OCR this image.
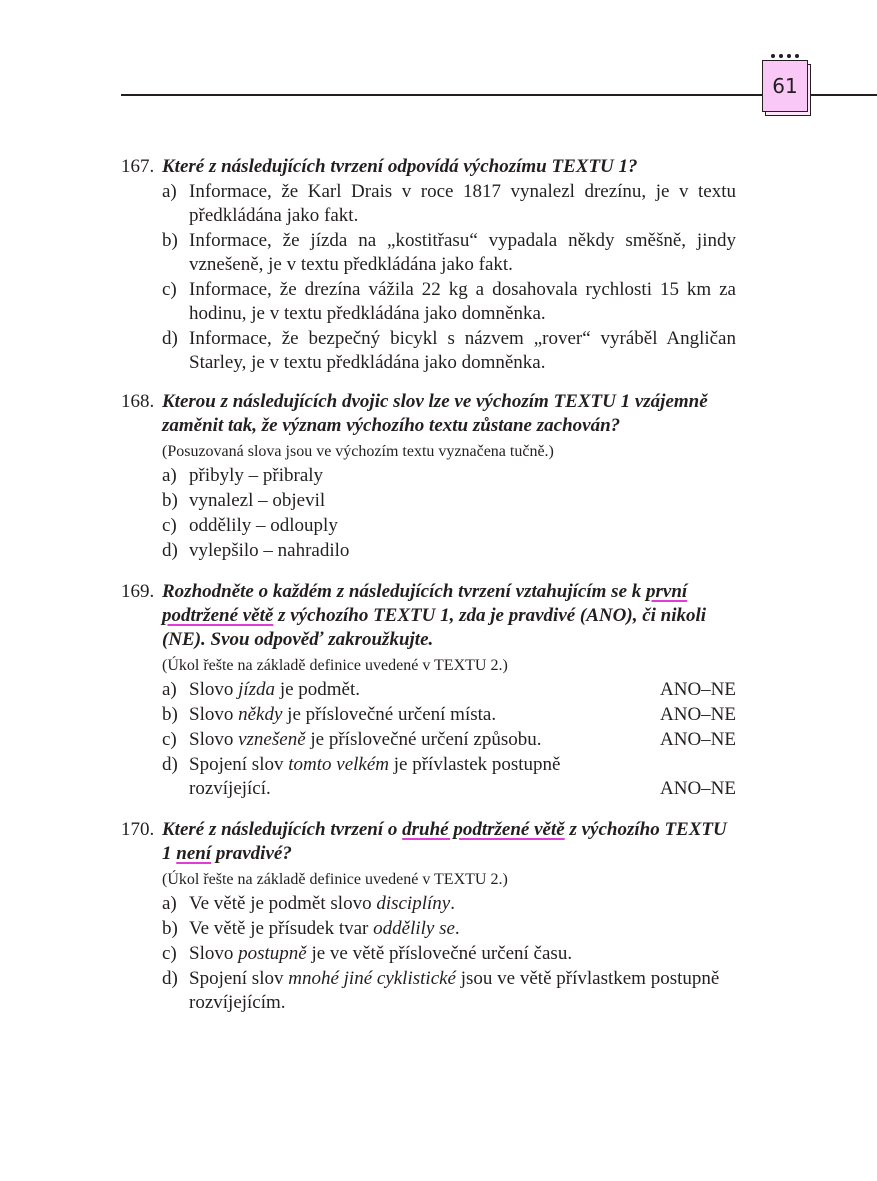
61
167. Které z následujících tvrzení odpovídá výchozímu TEXTU 1?
a) Informace, že Karl Drais v roce 1817 vynalezl drezínu, je v textu předkládána jako fakt.
b) Informace, že jízda na „kostitřasu“ vypadala někdy směšně, jindy vznešeně, je v textu předkládána jako fakt.
c) Informace, že drezína vážila 22 kg a dosahovala rychlosti 15 km za hodinu, je v textu předkládána jako domněnka.
d) Informace, že bezpečný bicykl s názvem „rover“ vyráběl Angličan Starley, je v textu předkládána jako domněnka.
168. Kterou z následujících dvojic slov lze ve výchozím TEXTU 1 vzájemně zaměnit tak, že význam výchozího textu zůstane zachován?
(Posuzovaná slova jsou ve výchozím textu vyznačena tučně.)
a) přibyly – přibraly
b) vynalezl – objevil
c) oddělily – odlouply
d) vylepšilo – nahradilo
169. Rozhodněte o každém z následujících tvrzení vztahujícím se k první podtržené větě z výchozího TEXTU 1, zda je pravdivé (ANO), či nikoli (NE). Svou odpověď zakroužkujte.
(Úkol řešte na základě definice uvedené v TEXTU 2.)
a) Slovo jízda je podmět.	ANO–NE
b) Slovo někdy je příslovečné určení místa.	ANO–NE
c) Slovo vznešeně je příslovečné určení způsobu.	ANO–NE
d) Spojení slov tomto velkém je přívlastek postupně rozvíjející.	ANO–NE
170. Které z následujících tvrzení o druhé podtržené větě z výchozího TEXTU 1 není pravdivé?
(Úkol řešte na základě definice uvedené v TEXTU 2.)
a) Ve větě je podmět slovo disciplíny.
b) Ve větě je přísudek tvar oddělily se.
c) Slovo postupně je ve větě příslovečné určení času.
d) Spojení slov mnohé jiné cyklistické jsou ve větě přívlastkem postupně rozvíjejícím.
